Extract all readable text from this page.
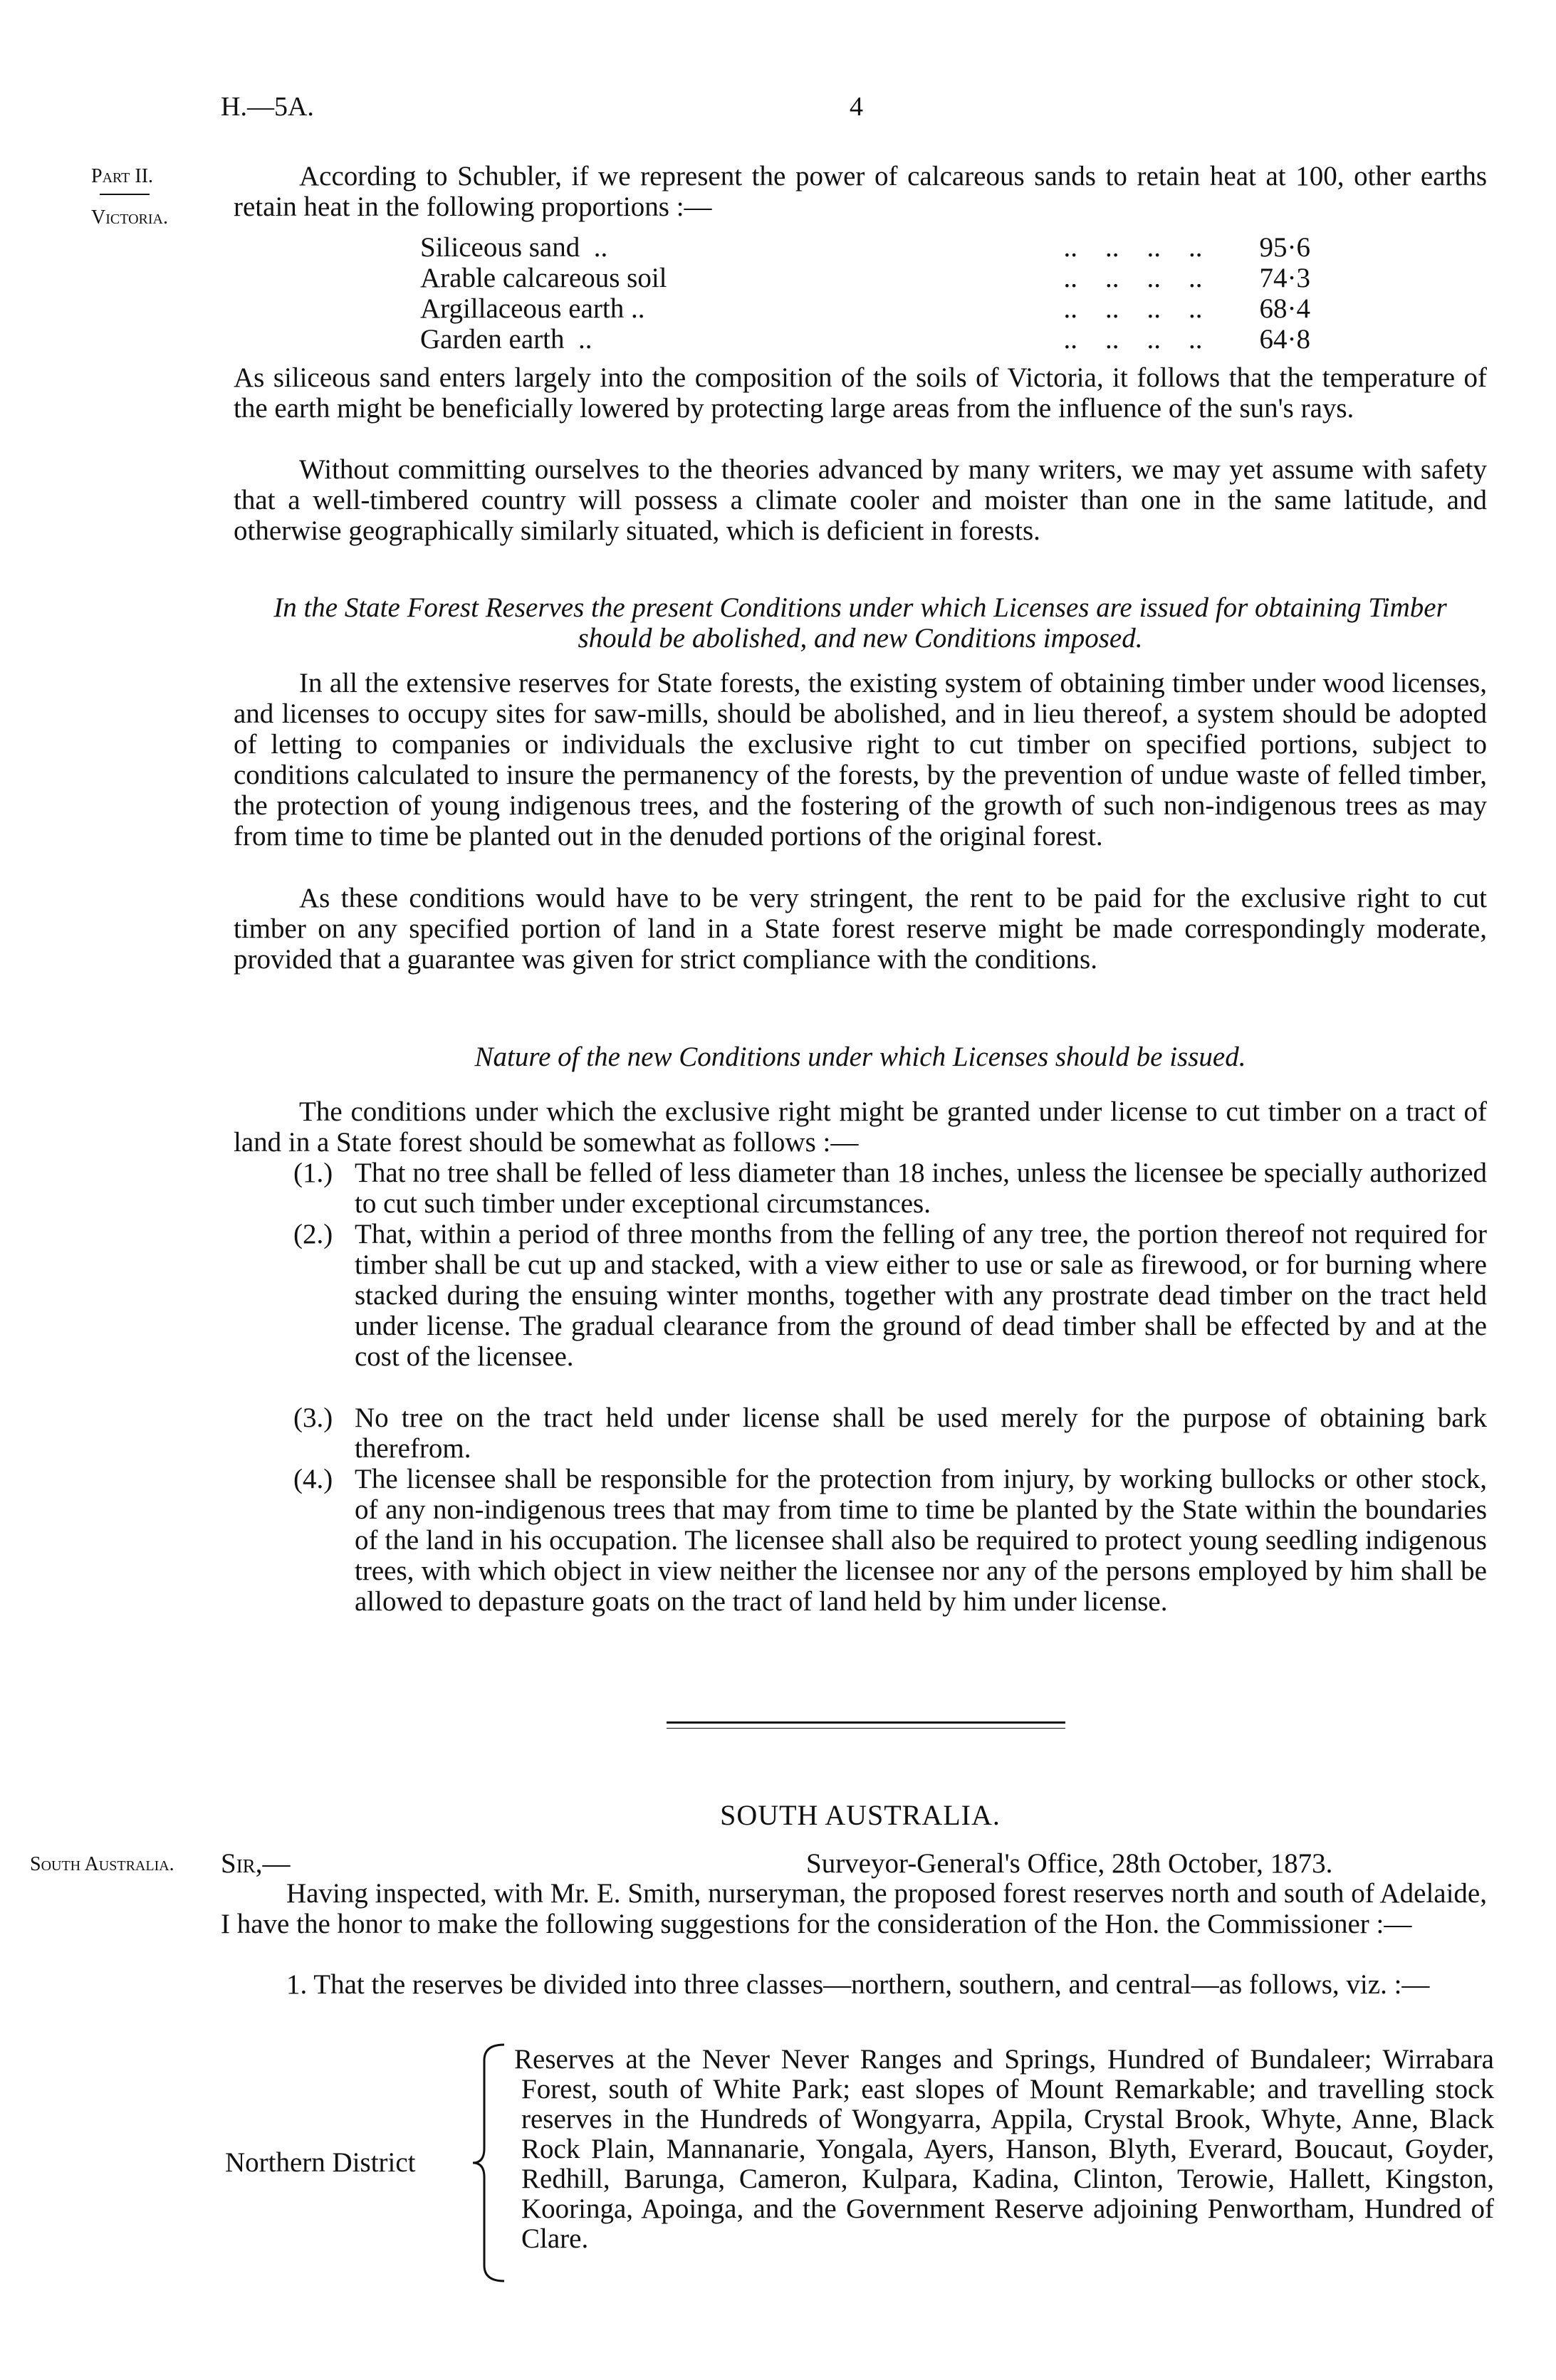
H.—5A.	4
Part II.
Victoria.
According to Schubler, if we represent the power of calcareous sands to retain heat at 100, other earths retain heat in the following proportions :—
Siliceous sand  ..	..    ..    ..    .. 95·6
Arable calcareous soil	..    ..    ..    .. 74·3
Argillaceous earth ..	..    ..    ..    .. 68·4
Garden earth  ..	..    ..    ..    .. 64·8
As siliceous sand enters largely into the composition of the soils of Victoria, it follows that the temperature of the earth might be beneficially lowered by protecting large areas from the influence of the sun's rays.
Without committing ourselves to the theories advanced by many writers, we may yet assume with safety that a well-timbered country will possess a climate cooler and moister than one in the same latitude, and otherwise geographically similarly situated, which is deficient in forests.
In the State Forest Reserves the present Conditions under which Licenses are issued for obtaining Timber should be abolished, and new Conditions imposed.
In all the extensive reserves for State forests, the existing system of obtaining timber under wood licenses, and licenses to occupy sites for saw-mills, should be abolished, and in lieu thereof, a system should be adopted of letting to companies or individuals the exclusive right to cut timber on specified portions, subject to conditions calculated to insure the permanency of the forests, by the prevention of undue waste of felled timber, the protection of young indigenous trees, and the fostering of the growth of such non-indigenous trees as may from time to time be planted out in the denuded portions of the original forest.
As these conditions would have to be very stringent, the rent to be paid for the exclusive right to cut timber on any specified portion of land in a State forest reserve might be made correspondingly moderate, provided that a guarantee was given for strict compliance with the conditions.
Nature of the new Conditions under which Licenses should be issued.
The conditions under which the exclusive right might be granted under license to cut timber on a tract of land in a State forest should be somewhat as follows :—
(1.) That no tree shall be felled of less diameter than 18 inches, unless the licensee be specially authorized to cut such timber under exceptional circumstances.
(2.) That, within a period of three months from the felling of any tree, the portion thereof not required for timber shall be cut up and stacked, with a view either to use or sale as firewood, or for burning where stacked during the ensuing winter months, together with any prostrate dead timber on the tract held under license. The gradual clearance from the ground of dead timber shall be effected by and at the cost of the licensee.
(3.) No tree on the tract held under license shall be used merely for the purpose of obtaining bark therefrom.
(4.) The licensee shall be responsible for the protection from injury, by working bullocks or other stock, of any non-indigenous trees that may from time to time be planted by the State within the boundaries of the land in his occupation. The licensee shall also be required to protect young seedling indigenous trees, with which object in view neither the licensee nor any of the persons employed by him shall be allowed to depasture goats on the tract of land held by him under license.
SOUTH AUSTRALIA.
South Australia. Sir,—	Surveyor-General's Office, 28th October, 1873.
Having inspected, with Mr. E. Smith, nurseryman, the proposed forest reserves north and south of Adelaide, I have the honor to make the following suggestions for the consideration of the Hon. the Commissioner :—
1. That the reserves be divided into three classes—northern, southern, and central—as follows, viz. :—
Northern District
Reserves at the Never Never Ranges and Springs, Hundred of Bundaleer; Wirrabara Forest, south of White Park; east slopes of Mount Remarkable; and travelling stock reserves in the Hundreds of Wongyarra, Appila, Crystal Brook, Whyte, Anne, Black Rock Plain, Mannanarie, Yongala, Ayers, Hanson, Blyth, Everard, Boucaut, Goyder, Redhill, Barunga, Cameron, Kulpara, Kadina, Clinton, Terowie, Hallett, Kingston, Kooringa, Apoinga, and the Government Reserve adjoining Penwortham, Hundred of Clare.
